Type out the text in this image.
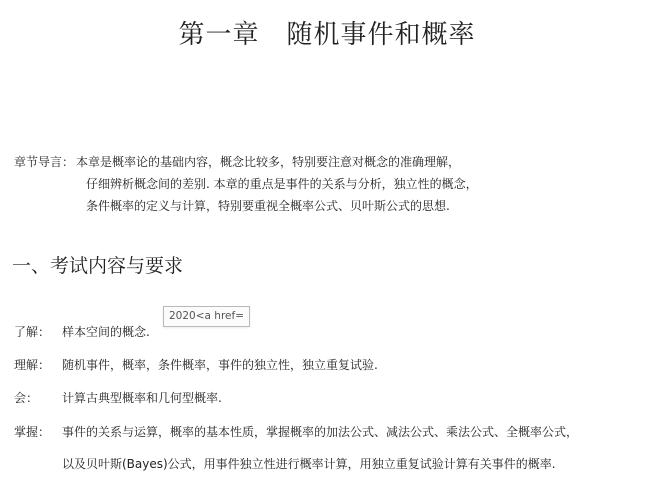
第一章　随机事件和概率
章节导言： 本章是概率论的基础内容，概念比较多，特别要注意对概念的准确理解，
仔细辨析概念间的差别. 本章的重点是事件的关系与分析，独立性的概念，
条件概率的定义与计算，特别要重视全概率公式、贝叶斯公式的思想.
一、考试内容与要求
了解： 样本空间的概念.
理解： 随机事件，概率，条件概率，事件的独立性，独立重复试验.
会： 计算古典型概率和几何型概率.
掌握： 事件的关系与运算，概率的基本性质，掌握概率的加法公式、减法公式、乘法公式、全概率公式，
以及贝叶斯(Bayes)公式，用事件独立性进行概率计算，用独立重复试验计算有关事件的概率.
2020<a href=
